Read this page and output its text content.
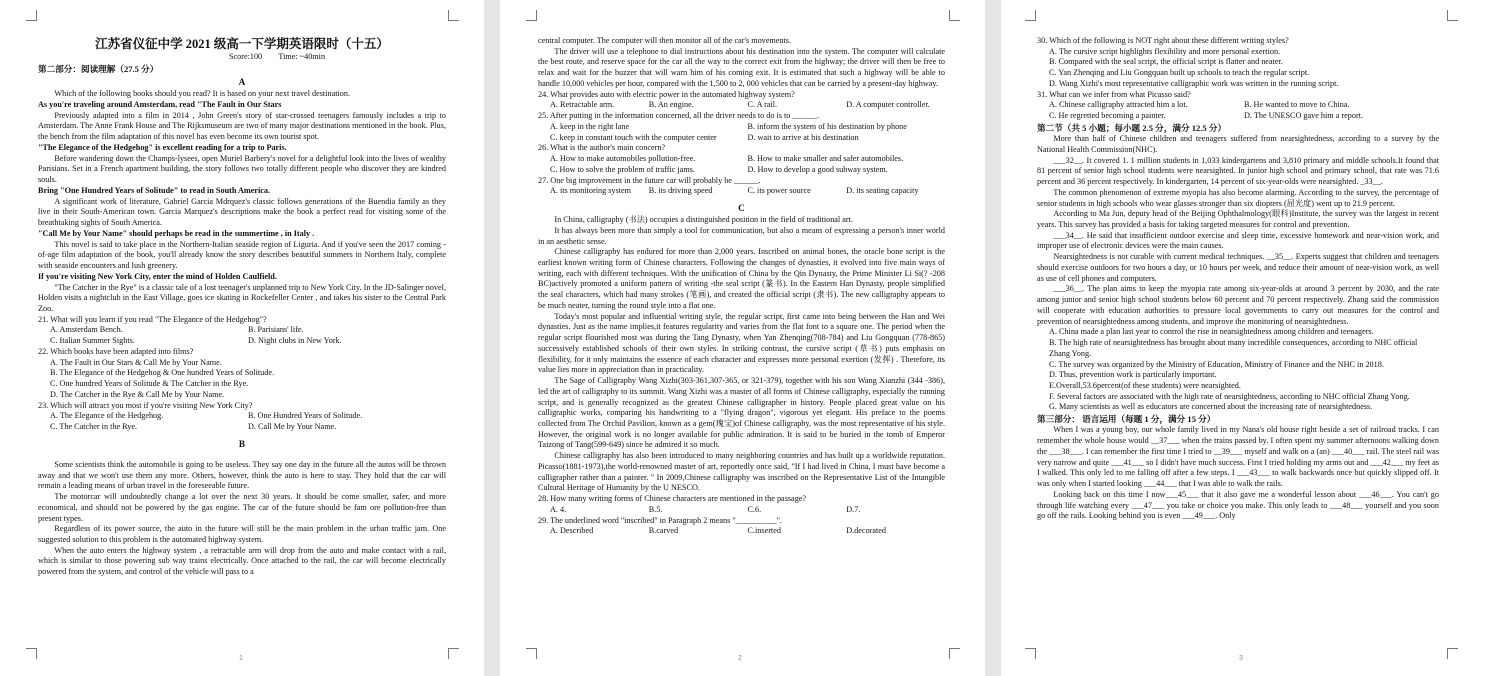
江苏省仪征中学 2021 级高一下学期英语限时（十五）
Score:100 Time: ~40min
第二部分：阅读理解（27.5 分）
A

Which of the following books should you read? It is based on your next travel destination.

As you're traveling around Amsterdam, read "The Fault in Our Stars

Previously adapted into a film in 2014 , John Green's story of star-crossed teenagers famously includes a trip to Amsterdam. The Anne Frank House and The Rijksmuseum are two of many major destinations mentioned in the book. Plus, the bench from the film adaptation of this novel has even become its own tourist spot.

"The Elegance of the Hedgehog" is excellent reading for a trip to Paris.

Before wandering down the Champs-lysees, open Muriel Barbery's novel for a delightful look into the lives of wealthy Parisians. Set in a French apartment building, the story follows two totally different people who discover they are kindred souls.

Bring "One Hundred Years of Solitude" to read in South America.

A significant work of literature, Gabriel Garcia Mdrquez's classic follows generations of the Buendia family as they live in their South-American town. Garcia Marquez's descriptions make the book a perfect read for visiting some of the breathtaking sights of South America.

"Call Me by Your Name" should perhaps be read in the summertime , in Italy .

This novel is said to take place in the Northern-Italian seaside region of Liguria. And if you've seen the 2017 coming -of-age film adaptation of the book, you'll already know the story describes beautiful summers in Northern Italy, complete with seaside encounters and lush greenery.

If you're visiting New York City, enter the mind of Holden Caulfield.

"The Catcher in the Rye" is a classic tale of a lost teenager's unplanned trip to New York City. In the JD-Salinger novel, Holden visits a nightclub in the East Village, goes ice skating in Rockefeller Center , and takes his sister to the Central Park Zoo.

21. What will you learn if you read "The Elegance of the Hedgehog"?

A. Amsterdam Bench.	B. Parisians' life.
C. Italian Summer Sights.	D. Night clubs in New York.

22. Which books have been adapted into films?

A. The Fault in Our Stars & Call Me by Your Name.
B. The Elegance of the Hedgehog & One hundred Years of Solitude.
C. One hundred Years of Solitude & The Catcher in the Rye.
D. The Catcher in the Rye & Call Me by Your Name.

23. Which will attract you most if you're visiting New York City?

A. The Elegance of the Hedgehog.	B. One Hundred Years of Solitude.
C. The Catcher in the Rye.	D. Call Me by Your Name.
B

Some scientists think the automobile is going to be useless. They say one day in the future all the autos will be thrown away and that we won't use them any more. Others, however, think the auto is here to stay. They hold that the car will remain a leading means of urban travel in the foreseeable future.

The motorcar will undoubtedly change a lot over the next 30 years. It should be come smaller, safer, and more economical, and should not be powered by the gas engine. The car of the future should be fam ore pollution-free than present types.

Regardless of its power source, the auto in the future will still be the main problem in the urban traffic jam. One suggested solution to this problem is the automated highway system.

When the auto enters the highway system , a retractable arm will drop from the auto and make contact with a rail, which is similar to those powering sub way trains electrically. Once attached to the rail, the car will become electrically powered from the system, and control of the vehicle will pass to a

1

central computer. The computer will then monitor all of the car's movements.

The driver will use a telephone to dial instructions about his destination into the system. The computer will calculate the best route, and reserve space for the car all the way to the correct exit from the highway; the driver will then be free to relax and wait for the buzzer that will warn him of his coming exit. It is estimated that such a highway will be able to handle 10,000 vehicles per hour, compared with the 1,500 to 2, 000 vehicles that can be carried by a present-day highway.

24. What provides auto with electric power in the automated highway system?

A. Retractable arm.	B. An engine.	C. A rail.	D. A computer controller.

25. After putting in the information concerned, all the driver needs to do is to ______.

A. keep in the right lane	B. inform the system of his destination by phone
C. keep in constant touch with the computer center	D. wait to arrive at his destination

26. What is the author's main concern?

A. How to make automobiles pollution-free.	B. How to make smaller and safer automobiles.
C. How to solve the problem of traffic jams.	D. How to develop a good subway system.

27. One big improvement in the future car will probably be ______.

A. its monitoring system	B. its driving speed	C. its power source	D. its seating capacity
C

In China, calligraphy (书法) occupies a distinguished position in the field of traditional art.

It has always been more than simply a tool for communication, but also a means of expressing a person's inner world in an aesthetic sense.

Chinese calligraphy has endured for more than 2,000 years. Inscribed on animal bones, the oracle bone script is the earliest known writing form of Chinese characters. Following the changes of dynasties, it evolved into five main ways of writing, each with different techniques. With the unification of China by the Qin Dynasty, the Prime Minister Li Si(? -208 BC)actively promoted a uniform pattern of writing -the seal script (篆书). In the Eastern Han Dynasty, people simplified the seal characters, which had many strokes (笔画), and created the official script (隶书). The new calligraphy appears to be much neater, turning the round style into a flat one.

Today's most popular and influential writing style, the regular script, first came into being between the Han and Wei dynasties. Just as the name implies,it features regularity and varies from the flat font to a square one. The period when the regular script flourished most was during the Tang Dynasty, when Yan Zhenqing(708-784) and Liu Gongquan (778-865) successively established schools of their own styles. In striking contrast, the cursive script (草书) puts emphasis on flexibility, for it only maintains the essence of each character and expresses more personal exertion (发挥) . Therefore, its value lies more in appreciation than in practicality.

The Sage of Calligraphy Wang Xizhi(303-361,307-365, or 321-379), together with his son Wang Xianzhi (344 -386), led the art of calligraphy to its summit. Wang Xizhi was a master of all forms of Chinese calligraphy, especially the running script, and is generally recognized as the greatest Chinese calligrapher in history. People placed great value on his calligraphic works, comparing his handwriting to a "flying dragon", vigorous yet elegant. His preface to the poems collected from The Orchid Pavilion, known as a gem(瑰宝)of Chinese calligraphy, was the most representative of his style. However, the original work is no longer available for public admiration. It is said to be buried in the tomb of Emperor Taizong of Tang(599-649) since he admired it so much.

Chinese calligraphy has also been introduced to many neighboring countries and has built up a worldwide reputation. Picasso(1881-1973),the world-renowned master of art, reportedly once said, "If I had lived in China, I must have become a calligrapher rather than a painter. " In 2009,Chinese calligraphy was inscribed on the Representative List of the Intangible Cultural Heritage of Humanity by the U NESCO.

28. How many writing forms of Chinese characters are mentioned in the passage?

A. 4.	B.5.	C.6.	D.7.

29. The underlined word "inscribed" in Paragraph 2 means "__________".

A. Described	B.carved	C.inserted	D.decorated
2

30. Which of the following is NOT right about these different writing styles?

A. The cursive script highlights flexibility and more personal exertion.
B. Compared with the seal script, the official script is flatter and neater.
C. Yan Zhenqing and Liu Gongquan built up schools to teach the regular script.
D. Wang Xizhi's most representative calligraphic work was written in the running script.

31. What can we infer from what Picasso said?

A. Chinese calligraphy attracted him a lot.	B. He wanted to move to China.
C. He regretted becoming a painter.	D. The UNESCO gave him a report.
第二节（共 5 小题；每小题 2.5 分，满分 12.5 分）

More than half of Chinese children and teenagers suffered from nearsightedness, according to a survey by the National Health Commission(NHC).

___32__. It covered 1. 1 million students in 1,033 kindergartens and 3,810 primary and middle schools.It found that 81 percent of senior high school students were nearsighted. In junior high school and primary school, that rate was 71.6 percent and 36 percent respectively. In kindergarten, 14 percent of six-year-olds were nearsighted. _33__.

The common phenomenon of extreme myopia has also become alarming. According to the survey, the percentage of senior students in high schools who wear glasses stronger than six diopters (屈光度) went up to 21.9 percent.

According to Ma Jun, deputy head of the Beijing Ophthalmology(眼科)Institute, the survey was the largest in recent years. This survey has provided a basis for taking targeted measures for control and prevention.

___34__. He said that insufficient outdoor exercise and sleep time, excessive homework and near-vision work, and improper use of electronic devices were the main causes.

Nearsightedness is not curable with current medical techniques. __35__. Experts suggest that children and teenagers should exercise outdoors for two hours a day, or 10 hours per week, and reduce their amount of near-vision work, as well as use of cell phones and computers.

___36__. The plan aims to keep the myopia rate among six-year-olds at around 3 percent by 2030, and the rate among junior and senior high school students below 60 percent and 70 percent respectively. Zhang said the commission will cooperate with education authorities to pressure local governments to carry out measures for the control and prevention of nearsightedness among students, and improve the monitoring of nearsightedness.

A. China made a plan last year to control the rise in nearsightedness among children and teenagers.
B. The high rate of nearsightedness has brought about many incredible consequences, according to NHC official Zhang Yong.
C. The survey was organized by the Ministry of Education, Ministry of Finance and the NHC in 2018.
D. Thus, prevention work is particularly important.
E.Overall,53.6percent(of these students) were nearsighted.
F. Several factors are associated with the high rate of nearsightedness, according to NHC official Zhang Yong.
G. Many scientists as well as educators are concerned about the increasing rate of nearsightedness.
第三部分： 语言运用（每题 1 分，满分 15 分）

When I was a young boy, our whole family lived in my Nana's old house right beside a set of railroad tracks. I can remember the whole house would __37___ when the trains passed by. I often spent my summer afternoons walking down the ___38___. I can remember the first time I tried to __39___ myself and walk on a (an) ___40___ rail. The steel rail was very narrow and quite ___41___ so I didn't have much success. First I tried holding my arms out and ___42___ my feet as I walked. This only led to me falling off after a few steps. I ___43___ to walk backwards once but quickly slipped off. It was only when I started looking ___44___ that I was able to walk the rails.

Looking back on this time I now___45___ that it also gave me a wonderful lesson about ___46___. You can't go through life watching every ___47___ you take or choice you make. This only leads to ___48___ yourself and you soon go off the rails. Looking behind you is even ___49___. Only

3
